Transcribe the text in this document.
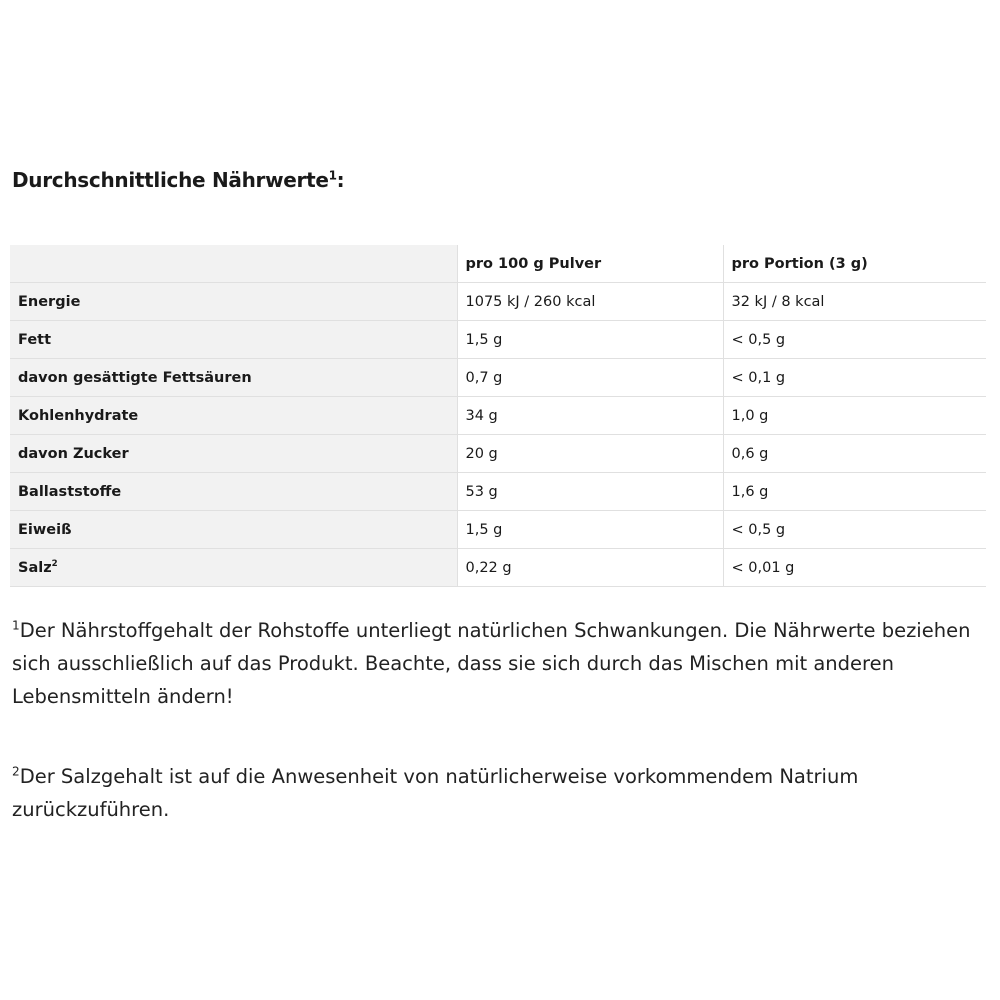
Durchschnittliche Nährwerte$^1$:
	pro 100 g Pulver	pro Portion (3 g)
Energie	1075 kJ / 260 kcal	32 kJ / 8 kcal
Fett	1,5 g	< 0,5 g
davon gesättigte Fettsäuren	0,7 g	< 0,1 g
Kohlenhydrate	34 g	1,0 g
davon Zucker	20 g	0,6 g
Ballaststoffe	53 g	1,6 g
Eiweiß	1,5 g	< 0,5 g
Salz$^2$	0,22 g	< 0,01 g
$^1$Der Nährstoffgehalt der Rohstoffe unterliegt natürlichen Schwankungen. Die Nährwerte beziehen sich ausschließlich auf das Produkt. Beachte, dass sie sich durch das Mischen mit anderen Lebensmitteln ändern!
$^2$Der Salzgehalt ist auf die Anwesenheit von natürlicherweise vorkommendem Natrium zurückzuführen.
